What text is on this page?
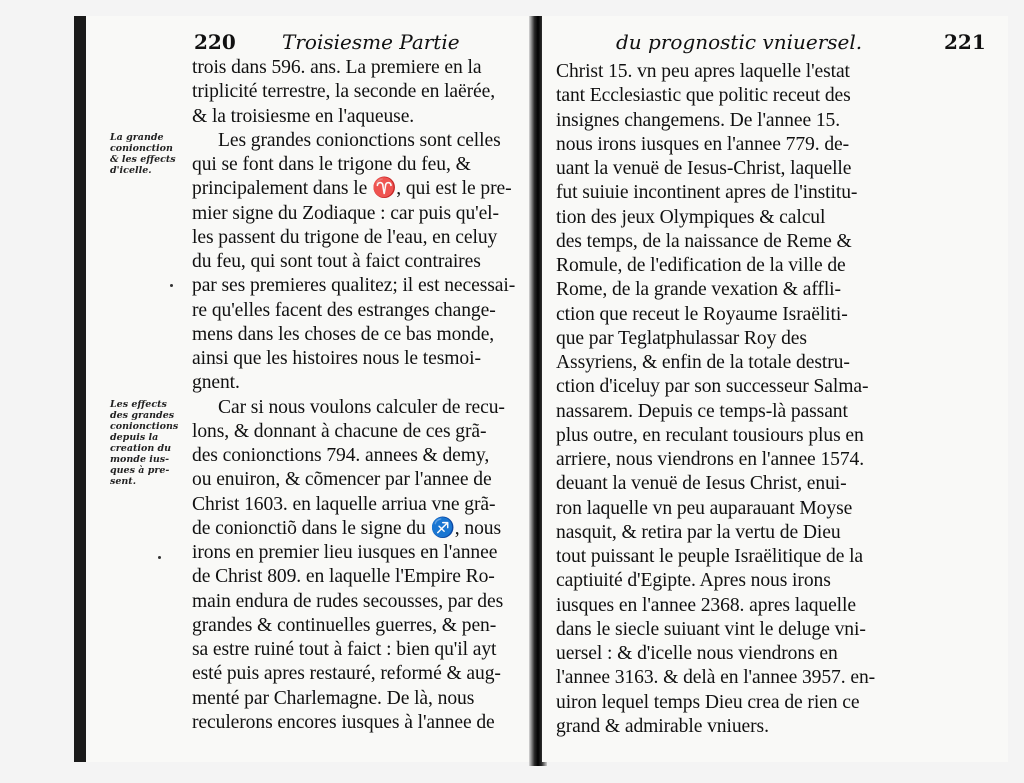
220 Troisiesme Partie
La grande
conionction
& les effects
d'icelle.
Les effects
des grandes
conionctions
depuis la
creation du
monde ius-
ques à pre-
sent.
trois dans 596. ans. La premiere en la
triplicité terrestre, la seconde en laërée,
& la troisiesme en l'aqueuse.
Les grandes conionctions sont celles
qui se font dans le trigone du feu, &
principalement dans le ♈, qui est le pre-
mier signe du Zodiaque : car puis qu'el-
les passent du trigone de l'eau, en celuy
du feu, qui sont tout à faict contraires
par ses premieres qualitez; il est necessai-
re qu'elles facent des estranges change-
mens dans les choses de ce bas monde,
ainsi que les histoires nous le tesmoi-
gnent.
Car si nous voulons calculer de recu-
lons, & donnant à chacune de ces grã-
des conionctions 794. annees & demy,
ou enuiron, & cõmencer par l'annee de
Christ 1603. en laquelle arriua vne grã-
de conionctiõ dans le signe du ♐, nous
irons en premier lieu iusques en l'annee
de Christ 809. en laquelle l'Empire Ro-
main endura de rudes secousses, par des
grandes & continuelles guerres, & pen-
sa estre ruiné tout à faict : bien qu'il ayt
esté puis apres restauré, reformé & aug-
menté par Charlemagne. De là, nous
reculerons encores iusques à l'annee de
du prognostic vniuersel.	221
Christ 15. vn peu apres laquelle l'estat
tant Ecclesiastic que politic receut des
insignes changemens. De l'annee 15.
nous irons iusques en l'annee 779. de-
uant la venuë de Iesus-Christ, laquelle
fut suiuie incontinent apres de l'institu-
tion des jeux Olympiques & calcul
des temps, de la naissance de Reme &
Romule, de l'edification de la ville de
Rome, de la grande vexation & affli-
ction que receut le Royaume Israëliti-
que par Teglatphulassar Roy des
Assyriens, & enfin de la totale destru-
ction d'iceluy par son successeur Salma-
nassarem. Depuis ce temps-là passant
plus outre, en reculant tousiours plus en
arriere, nous viendrons en l'annee 1574.
deuant la venuë de Iesus Christ, enui-
ron laquelle vn peu auparauant Moyse
nasquit, & retira par la vertu de Dieu
tout puissant le peuple Israëlitique de la
captiuité d'Egipte. Apres nous irons
iusques en l'annee 2368. apres laquelle
dans le siecle suiuant vint le deluge vni-
uersel : & d'icelle nous viendrons en
l'annee 3163. & delà en l'annee 3957. en-
uiron lequel temps Dieu crea de rien ce
grand & admirable vniuers.
